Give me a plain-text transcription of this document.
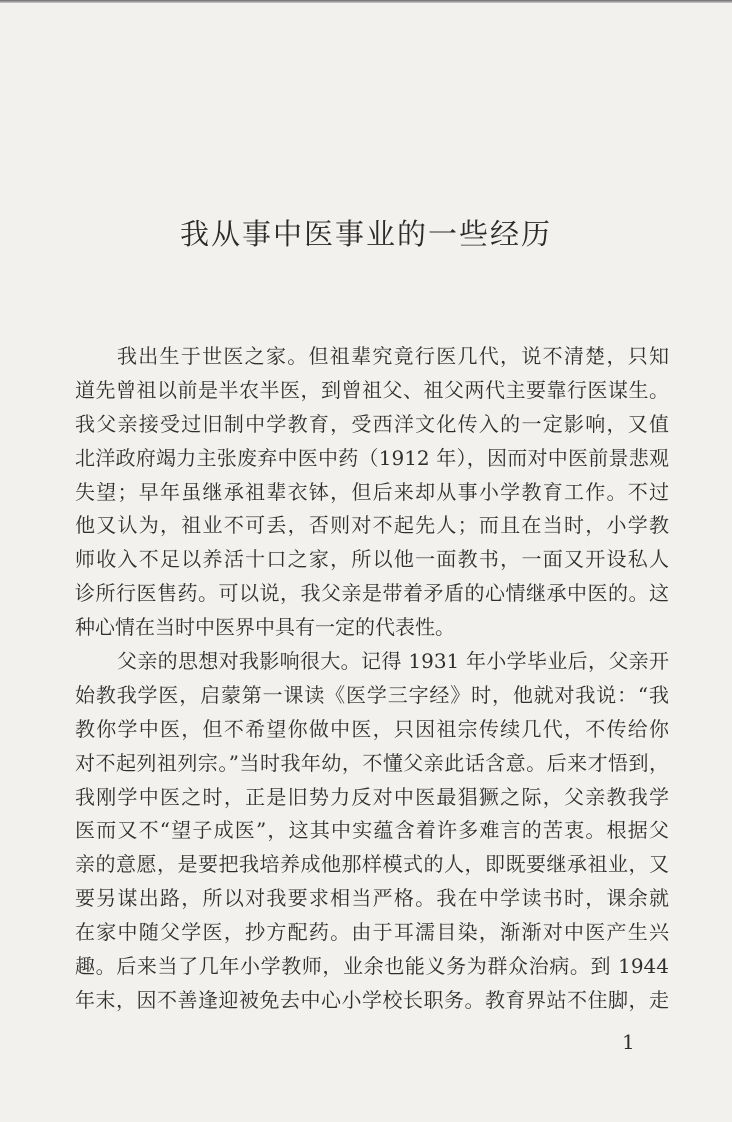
我从事中医事业的一些经历
我出生于世医之家。但祖辈究竟行医几代，说不清楚，只知
道先曾祖以前是半农半医，到曾祖父、祖父两代主要靠行医谋生。
我父亲接受过旧制中学教育，受西洋文化传入的一定影响，又值
北洋政府竭力主张废弃中医中药（1912 年），因而对中医前景悲观
失望；早年虽继承祖辈衣钵，但后来却从事小学教育工作。不过
他又认为，祖业不可丢，否则对不起先人；而且在当时，小学教
师收入不足以养活十口之家，所以他一面教书，一面又开设私人
诊所行医售药。可以说，我父亲是带着矛盾的心情继承中医的。这
种心情在当时中医界中具有一定的代表性。
父亲的思想对我影响很大。记得 1931 年小学毕业后，父亲开
始教我学医，启蒙第一课读《医学三字经》时，他就对我说：“我
教你学中医，但不希望你做中医，只因祖宗传续几代，不传给你
对不起列祖列宗。”当时我年幼，不懂父亲此话含意。后来才悟到，
我刚学中医之时，正是旧势力反对中医最猖獗之际，父亲教我学
医而又不“望子成医”，这其中实蕴含着许多难言的苦衷。根据父
亲的意愿，是要把我培养成他那样模式的人，即既要继承祖业，又
要另谋出路，所以对我要求相当严格。我在中学读书时，课余就
在家中随父学医，抄方配药。由于耳濡目染，渐渐对中医产生兴
趣。后来当了几年小学教师，业余也能义务为群众治病。到 1944
年末，因不善逢迎被免去中心小学校长职务。教育界站不住脚，走
1
